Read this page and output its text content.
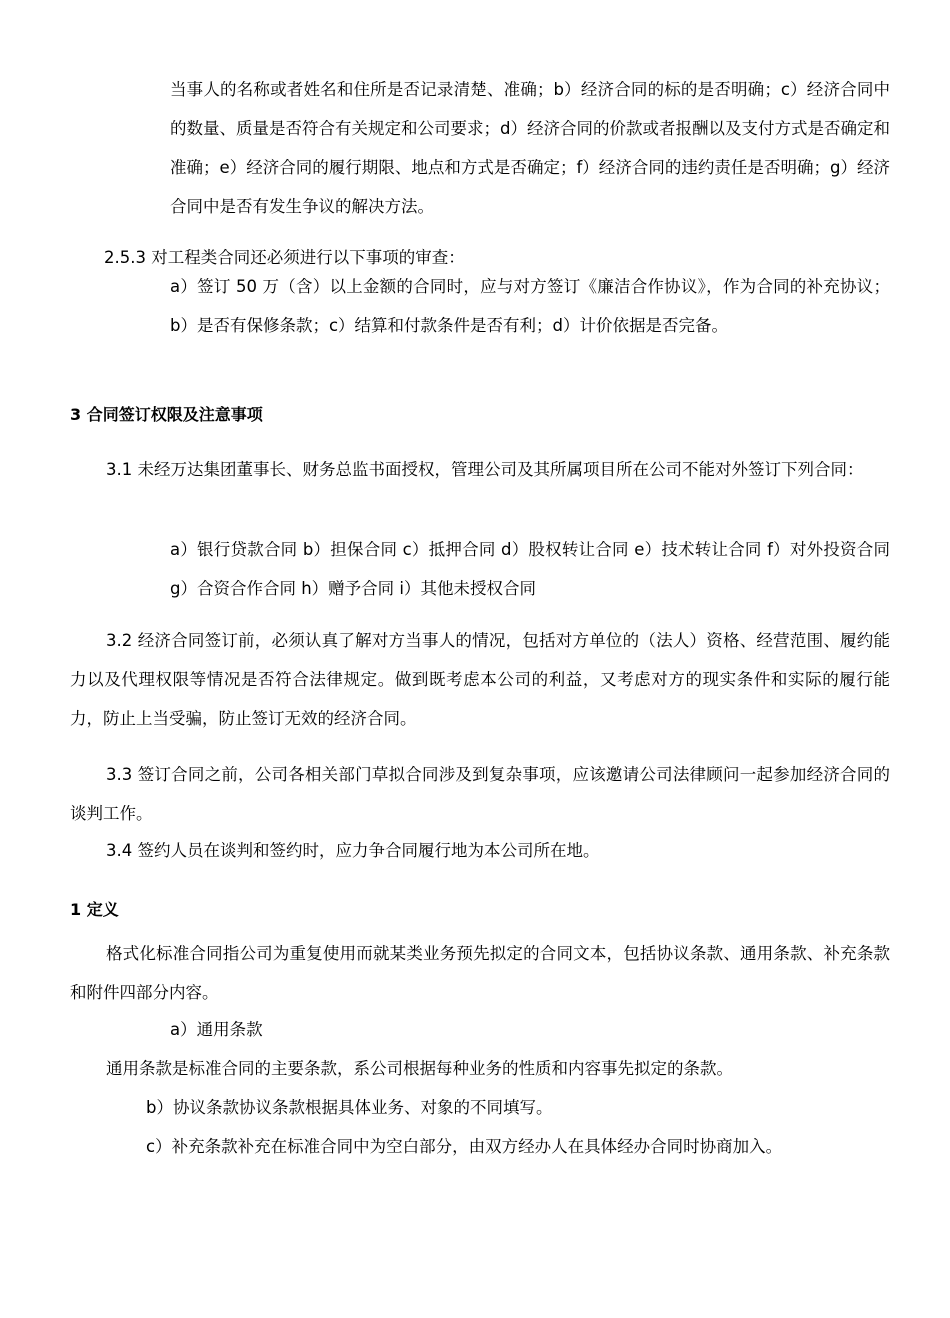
当事人的名称或者姓名和住所是否记录清楚、准确；b）经济合同的标的是否明确；c）经济合同中的数量、质量是否符合有关规定和公司要求；d）经济合同的价款或者报酬以及支付方式是否确定和准确；e）经济合同的履行期限、地点和方式是否确定；f）经济合同的违约责任是否明确；g）经济合同中是否有发生争议的解决方法。

2.5.3 对工程类合同还必须进行以下事项的审查：

a）签订 50 万（含）以上金额的合同时，应与对方签订《廉洁合作协议》，作为合同的补充协议；b）是否有保修条款；c）结算和付款条件是否有利；d）计价依据是否完备。

3 合同签订权限及注意事项

3.1 未经万达集团董事长、财务总监书面授权，管理公司及其所属项目所在公司不能对外签订下列合同：

a）银行贷款合同 b）担保合同 c）抵押合同 d）股权转让合同 e）技术转让合同 f）对外投资合同 g）合资合作合同 h）赠予合同 i）其他未授权合同

3.2 经济合同签订前，必须认真了解对方当事人的情况，包括对方单位的（法人）资格、经营范围、履约能力以及代理权限等情况是否符合法律规定。做到既考虑本公司的利益，又考虑对方的现实条件和实际的履行能力，防止上当受骗，防止签订无效的经济合同。

3.3 签订合同之前，公司各相关部门草拟合同涉及到复杂事项，应该邀请公司法律顾问一起参加经济合同的谈判工作。

3.4 签约人员在谈判和签约时，应力争合同履行地为本公司所在地。

1 定义

格式化标准合同指公司为重复使用而就某类业务预先拟定的合同文本，包括协议条款、通用条款、补充条款和附件四部分内容。

a）通用条款

通用条款是标准合同的主要条款，系公司根据每种业务的性质和内容事先拟定的条款。

b）协议条款协议条款根据具体业务、对象的不同填写。

c）补充条款补充在标准合同中为空白部分，由双方经办人在具体经办合同时协商加入。
